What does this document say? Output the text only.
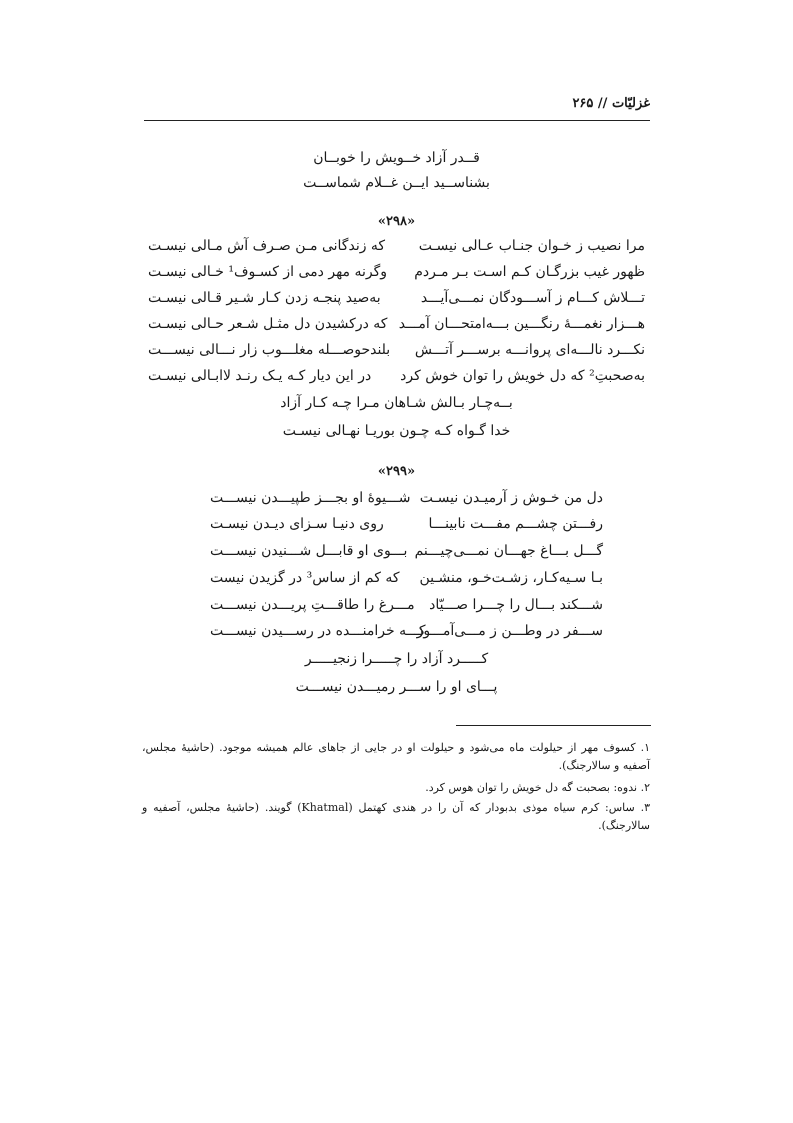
غزلیّات // ۲۶۵
قــدر آزاد خــویش را خوبــان
بشناســید ایــن غــلام شماســت
«۲۹۸»
مرا نصیب ز خـوان جنـاب عـالی نیسـت
که زندگانی مـن صـرف آش مـالی نیسـت
ظهور غیب بزرگـان کـم اسـت بـر مـردم
وگرنه مهر دمی از کسـوف¹ خـالی نیسـت
تـــلاش کـــام ز آســـودگان نمـــی‌آیـــد
به‌صید پنجـه زدن کـار شـیر قـالی نیسـت
هـــزار نغمـــهٔ رنگـــین بـــه‌امتحـــان آمـــد
که درکشیدن دل مثـل شـعر حـالی نیسـت
نکـــرد نالـــه‌ای پروانـــه برســـر آتـــش
بلندحوصـــله مغلـــوب زار نـــالی نیســـت
به‌صحبتِ² که دل خویش را توان خوش کرد
در این دیار کـه یـک رنـد لاابـالی نیسـت
بــه‌چـار بـالش شـاهان مـرا چـه کـار آزاد
خدا گـواه کـه چـون بوریـا نهـالی نیسـت
«۲۹۹»
دل من خـوش ز آرمیـدن نیسـت
شـــیوهٔ او بجـــز طپیـــدن نیســـت
رفـــتن چشـــم مفـــت نابینـــا
روی دنیـا سـزای دیـدن نیسـت
گـــل بـــاغ جهـــان نمـــی‌چیـــنم
بـــوی او قابـــل شـــنیدن نیســـت
بـا سـیه‌کـار، زشـت‌خـو، منشـین
که کم از ساس³ در گزیدن نیست
شـــکند بـــال را چـــرا صـــیّاد
مـــرغ را طاقـــتِ پریـــدن نیســـت
ســـفر در وطـــن ز مـــی‌آمـــوز
کـــه خرامنـــده در رســـیدن نیســـت
کـــــرد آزاد را چـــــرا زنجیـــــر
پـــای او را ســـر رمیـــدن نیســـت
۱. کسوف مهر از حیلولت ماه می‌شود و حیلولت او در جایی از جاهای عالم همیشه موجود. (حاشیهٔ مجلس، آصفیه و سالارجنگ).
۲. ندوه: بصحبت گه دل خویش را توان هوس کرد.
۳. ساس: کرم سیاه موذی بدبودار که آن را در هندی کهتمل (Khatmal) گویند. (حاشیهٔ مجلس، آصفیه و سالارجنگ).
